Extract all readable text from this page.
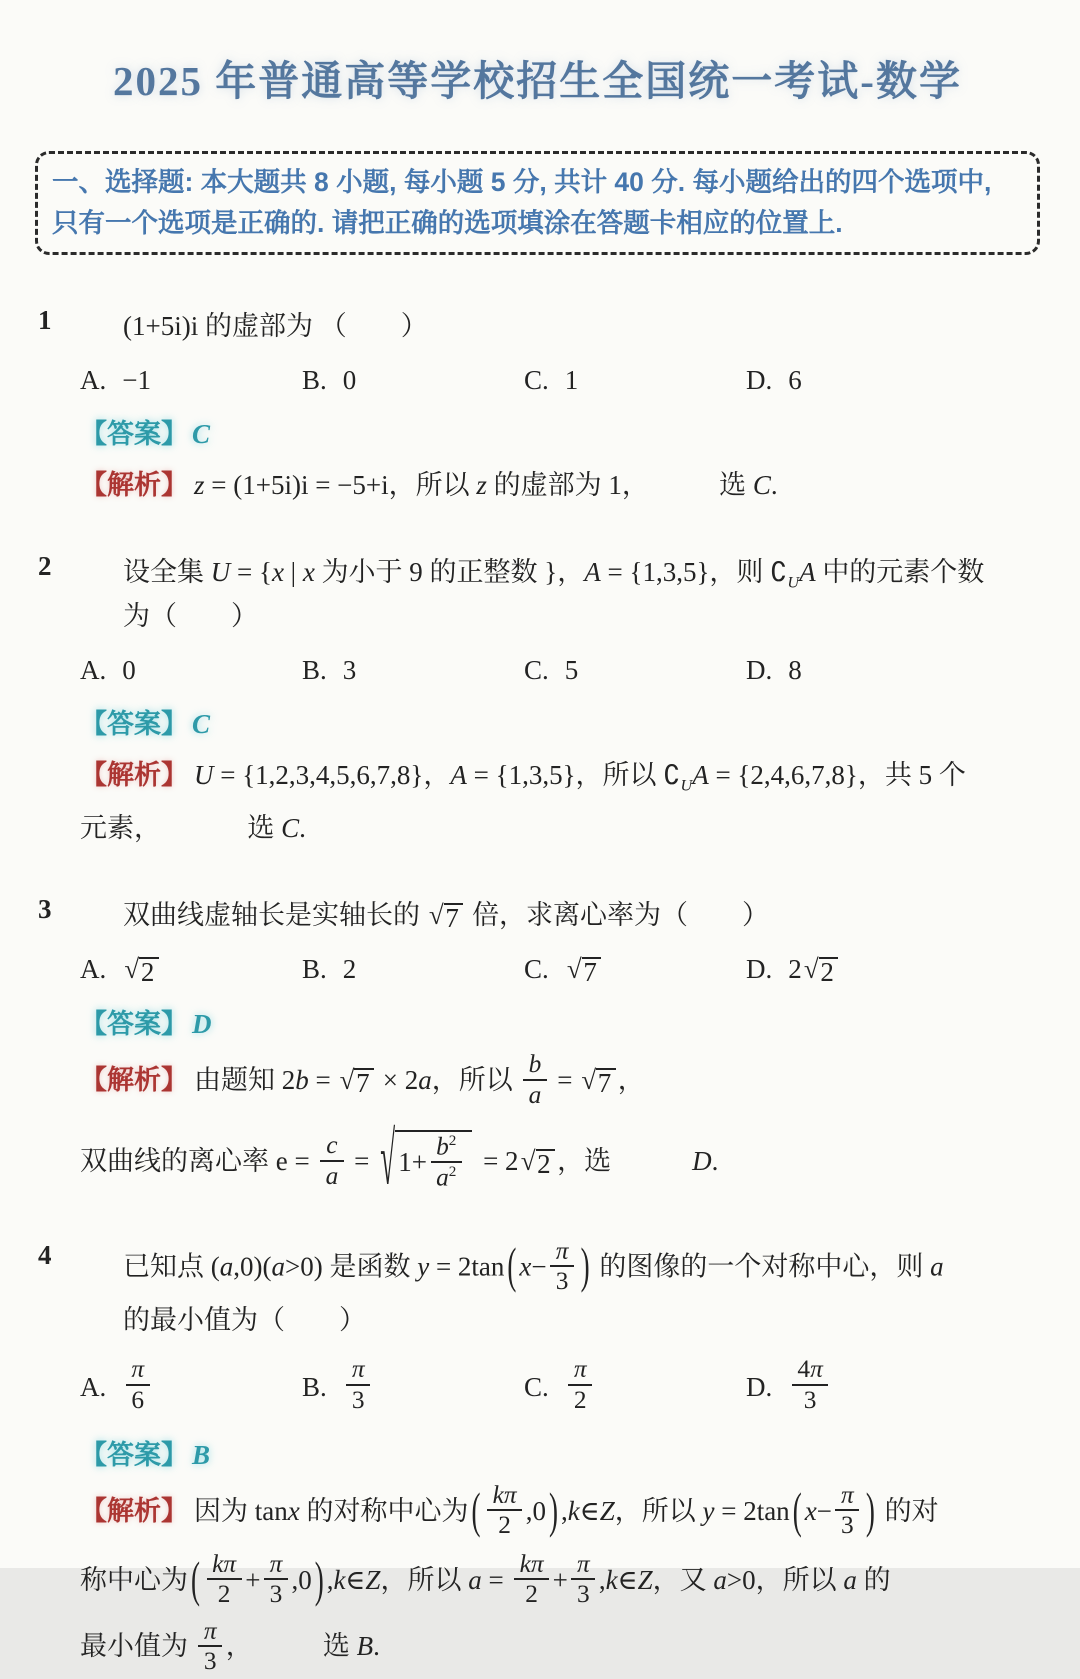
2025 年普通高等学校招生全国统一考试-数学
一、选择题: 本大题共 8 小题, 每小题 5 分, 共计 40 分. 每小题给出的四个选项中, 只有一个选项是正确的. 请把正确的选项填涂在答题卡相应的位置上.
1	(1+5i)i 的虚部为 （　　）
A. −1	B. 0	C. 1	D. 6
【答案】 C
【解析】 z = (1+5i)i = −5+i，所以 z 的虚部为 1，	选 C.
2	设全集 U = {x | x 为小于 9 的正整数 }，A = {1,3,5}，则 $∁_UA$ 中的元素个数
为（　　）
A. 0	B. 3	C. 5	D. 8
【答案】 C
【解析】 U = {1,2,3,4,5,6,7,8}，A = {1,3,5}，所以 $∁_UA = \{2,4,6,7,8\}$，共 5 个
元素，	选 C.
3	双曲线虚轴长是实轴长的 √ 7 倍，求离心率为（　　）
A. √ 2	B. 2	C. √ 7	D. 2 √ 2
【答案】 D
【解析】 由题知 2b = √ 7 × 2a，所以 $\frac{b}{a}$ = √ 7 ，
双曲线的离心率 $e = \frac{c}{a}$ = √ $1+ \frac{b^2}{a^2} = 2$ √ 2 ，选	D.
4	已知点 (a,0)(a>0) 是函数 y = 2tan ( $x- \frac{\pi}{3}$ ) 的图像的一个对称中心，则 a
的最小值为（　　）
A. $\frac{\pi}{6}$	B. $\frac{\pi}{3}$	C. $\frac{\pi}{2}$	D. $\frac{4\pi}{3}$
【答案】 B
【解析】 因为 tanx 的对称中心为 ( $\frac{k\pi}{2} ,0$ ) ,k∈Z，所以 y = 2tan ( $x- \frac{\pi}{3}$ ) 的对
称中心为 ( $\frac{k\pi}{2} + \frac{\pi}{3} ,0$ ) ,k∈Z，所以 $a = \frac{k\pi}{2} + \frac{\pi}{3}$ ,k∈Z，又 a>0，所以 a 的
最小值为 $\frac{\pi}{3}$ ，	选 B.
